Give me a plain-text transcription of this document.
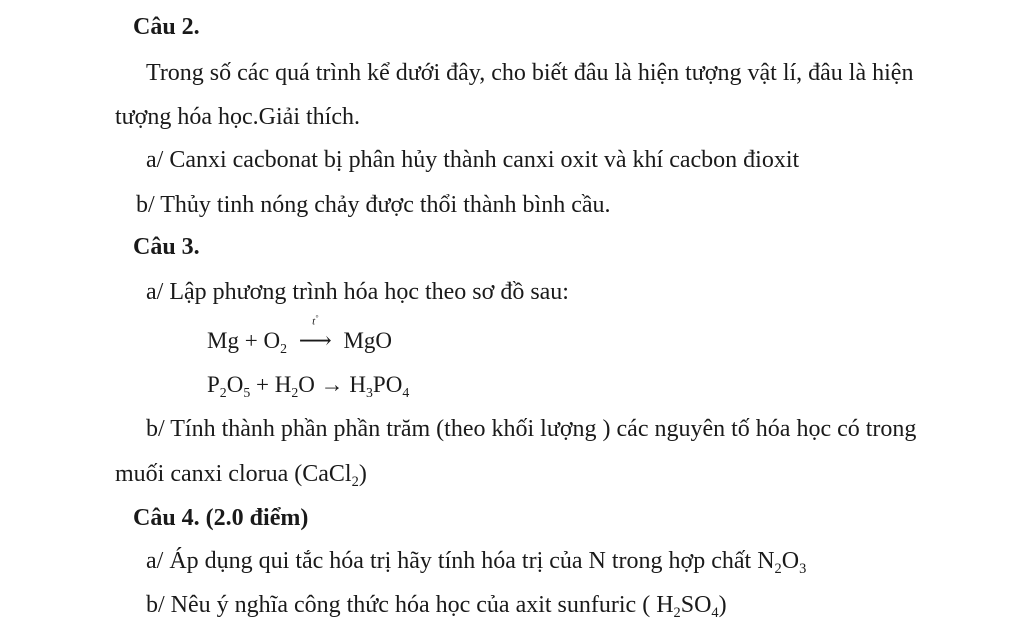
Câu 2.
Trong số các quá trình kể dưới đây, cho biết đâu là hiện tượng vật lí, đâu là hiện
tượng hóa học.Giải thích.
a/ Canxi cacbonat bị phân hủy thành canxi oxit và khí cacbon đioxit
b/ Thủy tinh nóng chảy được thổi thành bình cầu.
Câu 3.
a/ Lập phương trình hóa học theo sơ đồ sau:
$Mg + O_2$
t°
⟶ MgO
$P_2O_5 + H_2O \to H_3PO_4$
b/ Tính thành phần phần trăm (theo khối lượng ) các nguyên tố hóa học có trong
muối canxi clorua (CaCl$_2$)
Câu 4. (2.0 điểm)
a/ Áp dụng qui tắc hóa trị hãy tính hóa trị của N trong hợp chất $N_2O_3$
b/ Nêu ý nghĩa công thức hóa học của axit sunfuric ( $H_2SO_4$)
